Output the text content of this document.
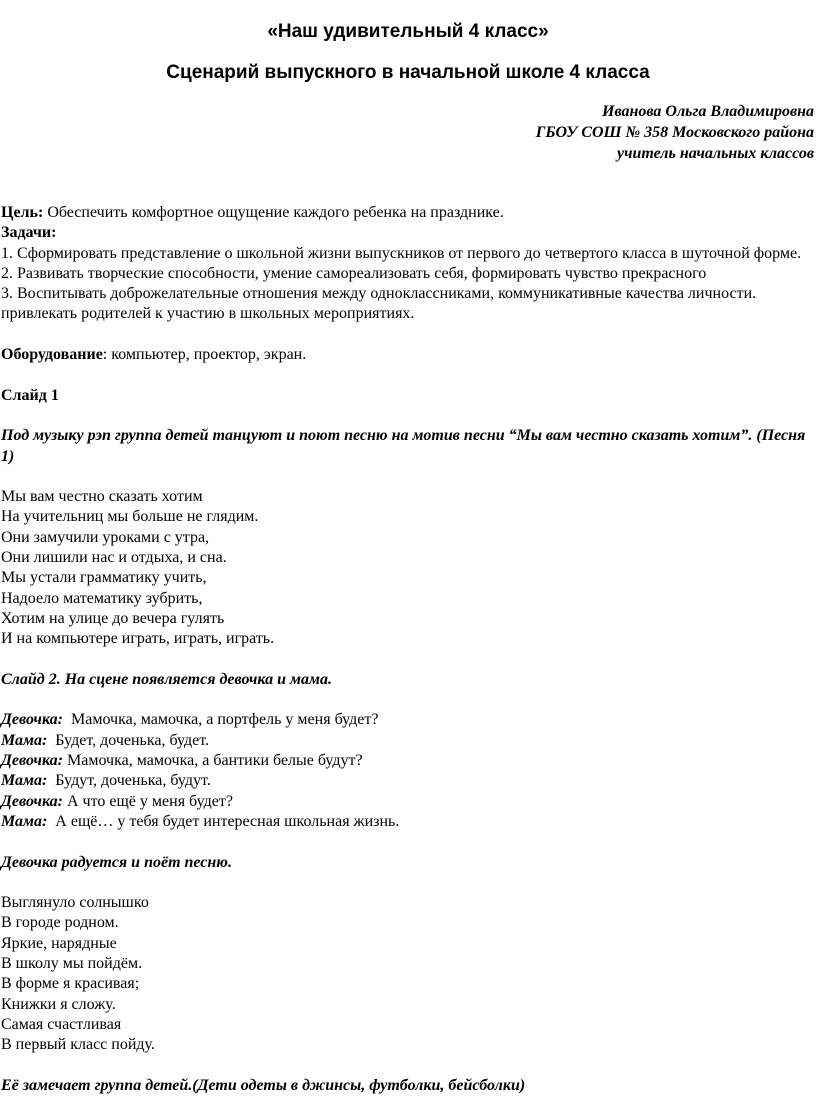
«Наш удивительный 4 класс»
Сценарий выпускного в начальной школе 4 класса
Иванова Ольга Владимировна
ГБОУ СОШ № 358 Московского района
учитель начальных классов

Цель: Обеспечить комфортное ощущение каждого ребенка на празднике.

Задачи:

1. Сформировать представление о школьной жизни выпускников от первого до четвертого класса в шуточной форме.

2. Развивать творческие способности, умение самореализовать себя, формировать чувство прекрасного

3. Воспитывать доброжелательные отношения между одноклассниками, коммуникативные качества личности. привлекать родителей к участию в школьных мероприятиях.

Оборудование: компьютер, проектор, экран.

Слайд 1

Под музыку рэп группа детей танцуют и поют песню на мотив песни “Мы вам честно сказать хотим”. (Песня 1)

Мы вам честно сказать хотим
На учительниц мы больше не глядим.
Они замучили уроками с утра,
Они лишили нас и отдыха, и сна.
Мы устали грамматику учить,
Надоело математику зубрить,
Хотим на улице до вечера гулять
И на компьютере играть, играть, играть.

Слайд 2. На сцене появляется девочка и мама.

Девочка:  Мамочка, мамочка, а портфель у меня будет?

Мама:  Будет, доченька, будет.

Девочка: Мамочка, мамочка, а бантики белые будут?

Мама:  Будут, доченька, будут.

Девочка: А что ещё у меня будет?

Мама:  А ещё… у тебя будет интересная школьная жизнь.

Девочка радуется и поёт песню.

Выглянуло солнышко
В городе родном.
Яркие, нарядные
В школу мы пойдём.
В форме я красивая;
Книжки я сложу.
Самая счастливая
В первый класс пойду.

Её замечает группа детей.(Дети одеты в джинсы, футболки, бейсболки)
